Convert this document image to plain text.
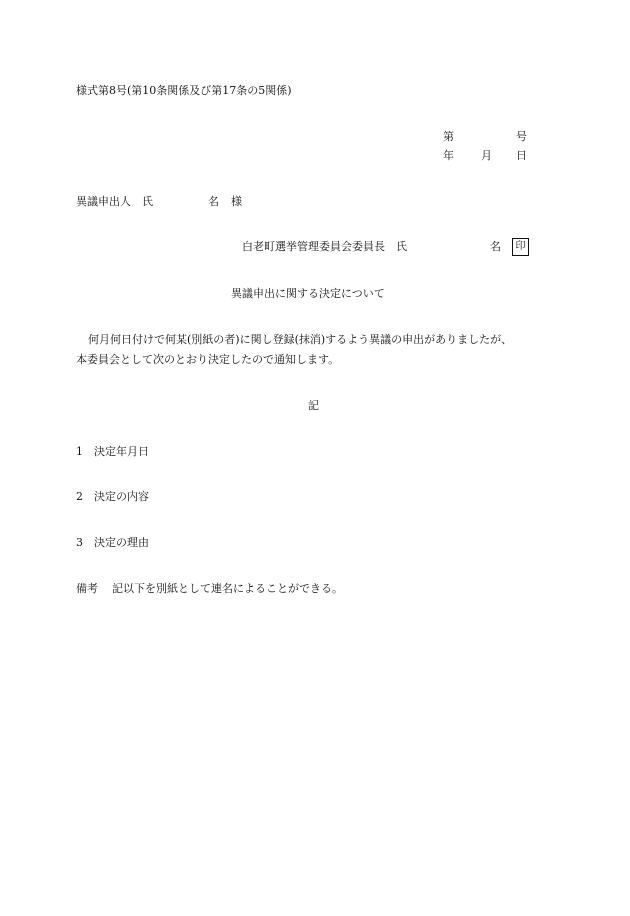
様式第8号(第10条関係及び第17条の5関係)
第	号
年 月 日
異議申出人　氏	名 様
白老町選挙管理委員会委員長　氏	名	印
異議申出に関する決定について
何月何日付けで何某(別紙の者)に関し登録(抹消)するよう異議の申出がありましたが、
本委員会として次のとおり決定したので通知します。
記
1 決定年月日
2 決定の内容
3 決定の理由
備考 記以下を別紙として連名によることができる。
